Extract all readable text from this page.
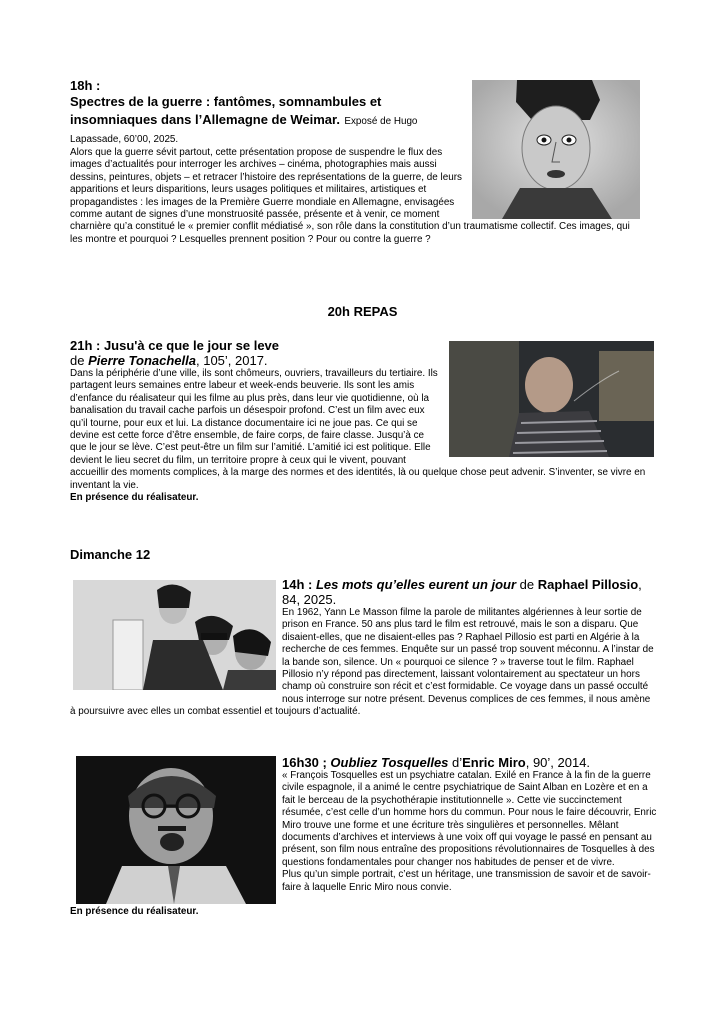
18h :

Spectres de la guerre : fantômes, somnambules et insomniaques dans l’Allemagne de Weimar. Exposé de Hugo Lapassade, 60’00, 2025.

Alors que la guerre sévit partout, cette présentation propose de suspendre le flux des images d’actualités pour interroger les archives – cinéma, photographies mais aussi dessins, peintures, objets – et retracer l’histoire des représentations de la guerre, de leurs apparitions et leurs disparitions, leurs usages politiques et militaires, artistiques et propagandistes : les images de la Première Guerre mondiale en Allemagne, envisagées comme autant de signes d’une monstruosité passée, présente et à venir, ce moment charnière qu’a constitué le « premier conflit médiatisé », son rôle dans la constitution d’un traumatisme collectif. Ces images, qui les montre et pourquoi ? Lesquelles prennent position ? Pour ou contre la guerre ?

20h REPAS
21h : Jusu'à ce que le jour se leve
de Pierre Tonachella, 105’, 2017.

Dans la périphérie d’une ville, ils sont chômeurs, ouvriers, travailleurs du tertiaire. Ils partagent leurs semaines entre labeur et week-ends beuverie. Ils sont les amis d’enfance du réalisateur qui les filme au plus près, dans leur vie quotidienne, où la banalisation du travail cache parfois un désespoir profond. C’est un film avec eux qu’il tourne, pour eux et lui. La distance documentaire ici ne joue pas. Ce qui se devine est cette force d’être ensemble, de faire corps, de faire classe. Jusqu’à ce que le jour se lève. C’est peut-être un film sur l’amitié. L’amitié ici est politique. Elle devient le lieu secret du film, un territoire propre à ceux qui le vivent, pouvant accueillir des moments complices, à la marge des normes et des identités, là ou quelque chose peut advenir. S’inventer, se vivre en inventant la vie.

En présence du réalisateur.

Dimanche 12
14h : Les mots qu’elles eurent un jour de Raphael Pillosio, 84, 2025.

En 1962, Yann Le Masson filme la parole de militantes algériennes à leur sortie de prison en France. 50 ans plus tard le film est retrouvé, mais le son a disparu. Que disaient-elles, que ne disaient-elles pas ? Raphael Pillosio est parti en Algérie à la recherche de ces femmes. Enquête sur un passé trop souvent méconnu. A l’instar de la bande son, silence. Un « pourquoi ce silence ? » traverse tout le film. Raphael Pillosio n’y répond pas directement, laissant volontairement au spectateur un hors champ où construire son récit et c’est formidable. Ce voyage dans un passé occulté nous interroge sur notre présent. Devenus complices de ces femmes, il nous amène à poursuivre avec elles un combat essentiel et toujours d’actualité.

16h30 ; Oubliez Tosquelles d’Enric Miro, 90’, 2014.

« François Tosquelles est un psychiatre catalan. Exilé en France à la fin de la guerre civile espagnole, il a animé le centre psychiatrique de Saint Alban en Lozère et en a fait le berceau de la psychothérapie institutionnelle ». Cette vie succinctement résumée, c’est celle d’un homme hors du commun. Pour nous le faire découvrir, Enric Miro trouve une forme et une écriture très singulières et personnelles. Mêlant documents d’archives et interviews à une voix off qui voyage le passé en pensant au présent, son film nous entraîne des propositions révolutionnaires de Tosquelles à des questions fondamentales pour changer nos habitudes de penser et de vivre.

Plus qu’un simple portrait, c’est un héritage, une transmission de savoir et de savoir-faire à laquelle Enric Miro nous convie.

En présence du réalisateur.
